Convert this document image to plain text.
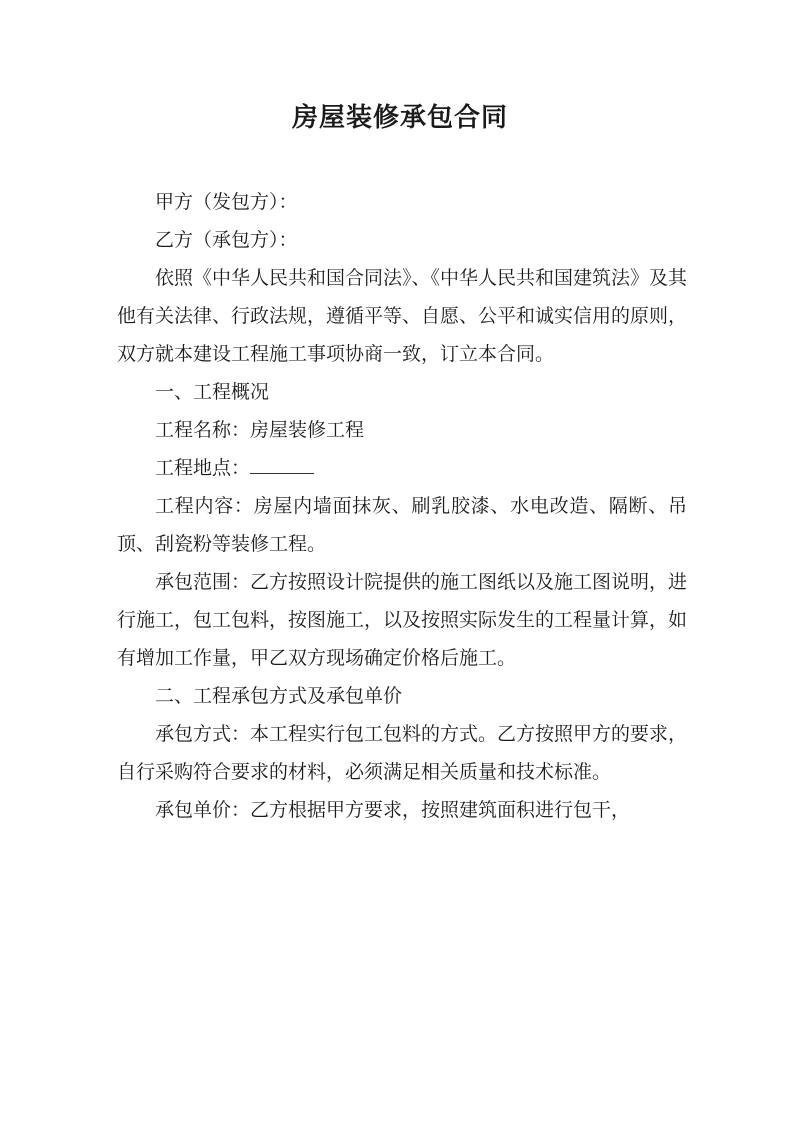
房屋装修承包合同

甲方（发包方）：

乙方（承包方）：

依照《中华人民共和国合同法》、《中华人民共和国建筑法》及其他有关法律、行政法规，遵循平等、自愿、公平和诚实信用的原则，双方就本建设工程施工事项协商一致，订立本合同。

一、工程概况

工程名称：房屋装修工程

工程地点：

工程内容：房屋内墙面抹灰、刷乳胶漆、水电改造、隔断、吊顶、刮瓷粉等装修工程。

承包范围：乙方按照设计院提供的施工图纸以及施工图说明，进行施工，包工包料，按图施工，以及按照实际发生的工程量计算，如有增加工作量，甲乙双方现场确定价格后施工。

二、工程承包方式及承包单价

承包方式：本工程实行包工包料的方式。乙方按照甲方的要求，自行采购符合要求的材料，必须满足相关质量和技术标准。

承包单价：乙方根据甲方要求，按照建筑面积进行包干，
